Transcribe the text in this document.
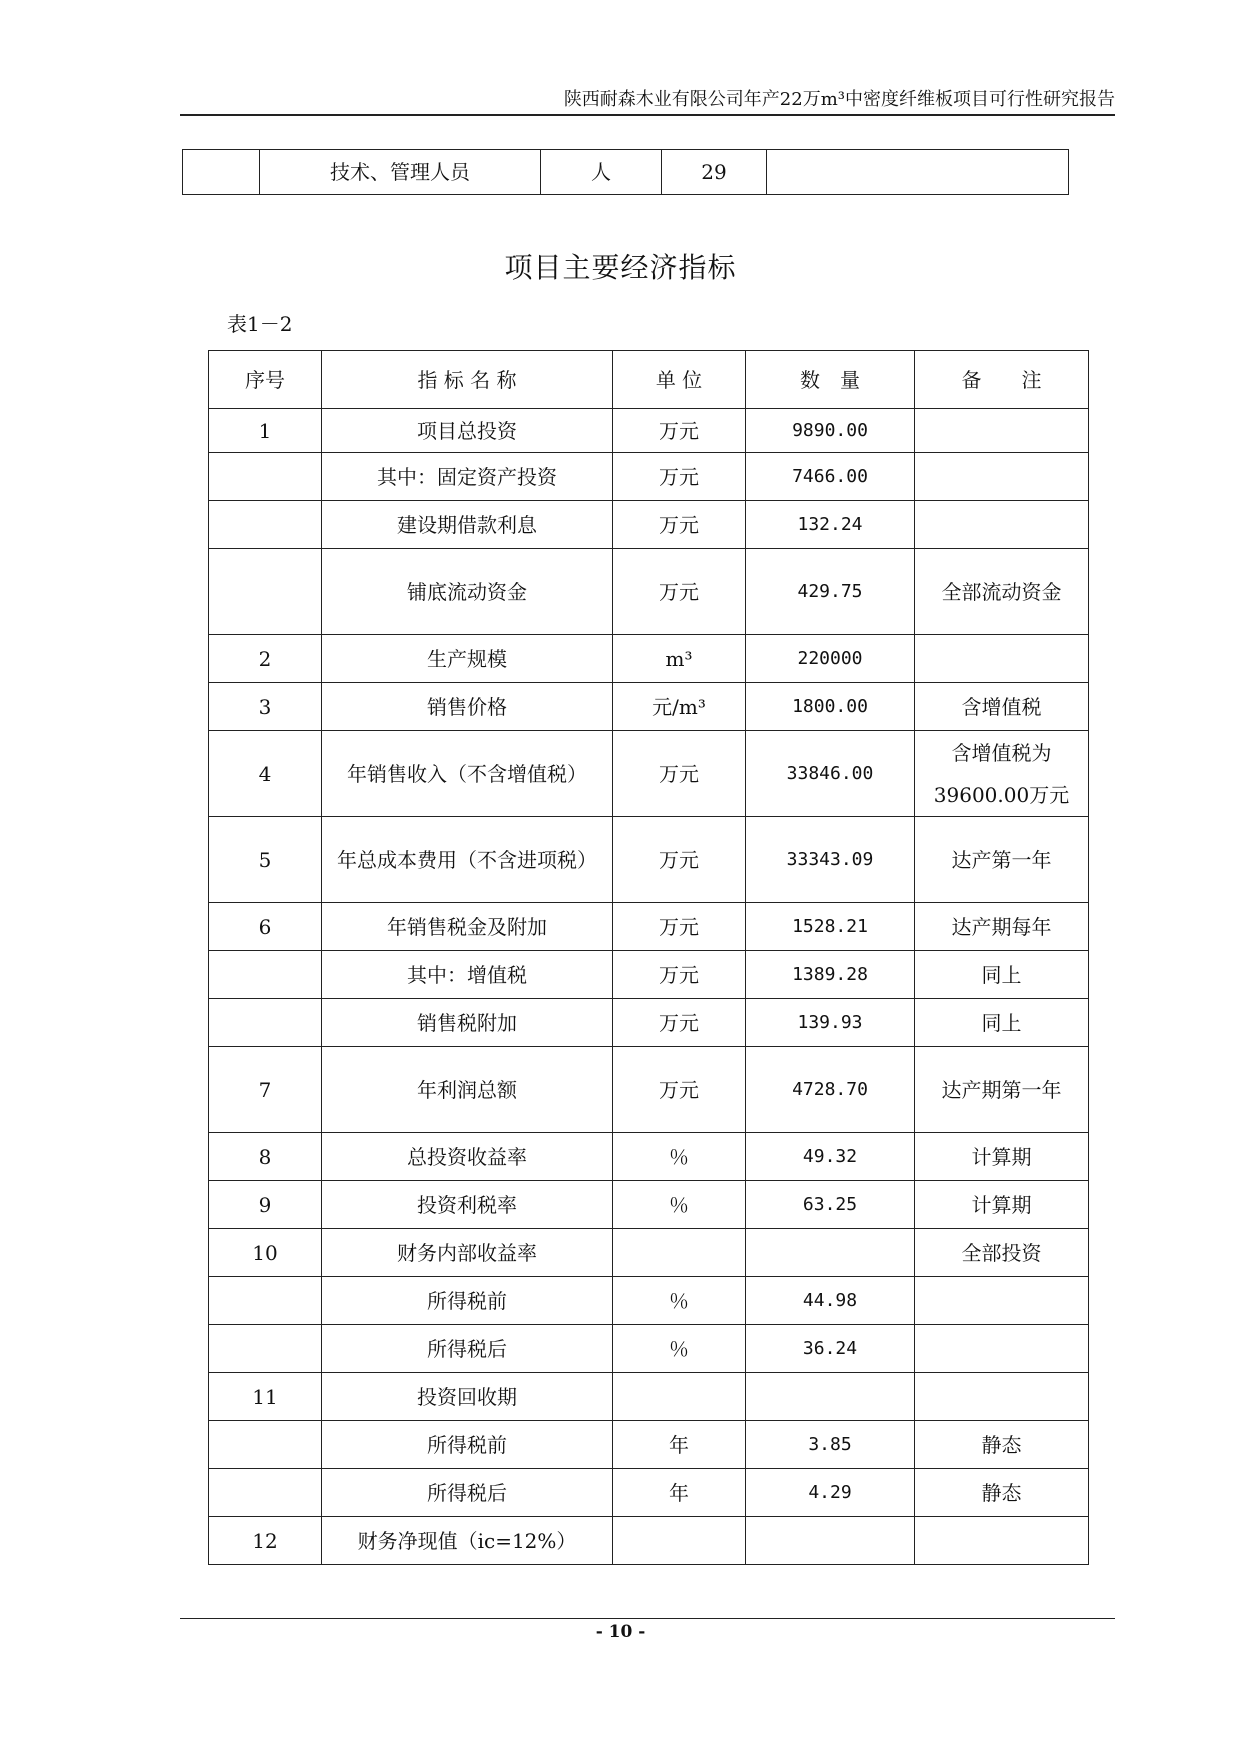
陕西耐森木业有限公司年产22万m³中密度纤维板项目可行性研究报告
	技术、管理人员	人	29	
项目主要经济指标
表1－2
序号	指 标 名 称	单 位	数　量	备　　注
1	项目总投资	万元	9890.00	
	其中：固定资产投资	万元	7466.00	
	建设期借款利息	万元	132.24	
	铺底流动资金	万元	429.75	全部流动资金
2	生产规模	m³	220000	
3	销售价格	元/m³	1800.00	含增值税
4	年销售收入（不含增值税）	万元	33846.00	含增值税为39600.00万元
5	年总成本费用（不含进项税）	万元	33343.09	达产第一年
6	年销售税金及附加	万元	1528.21	达产期每年
	其中：增值税	万元	1389.28	同上
	销售税附加	万元	139.93	同上
7	年利润总额	万元	4728.70	达产期第一年
8	总投资收益率	％	49.32	计算期
9	投资利税率	％	63.25	计算期
10	财务内部收益率			全部投资
	所得税前	％	44.98	
	所得税后	％	36.24	
11	投资回收期			
	所得税前	年	3.85	静态
	所得税后	年	4.29	静态
12	财务净现值（ic=12%）			
- 10 -
